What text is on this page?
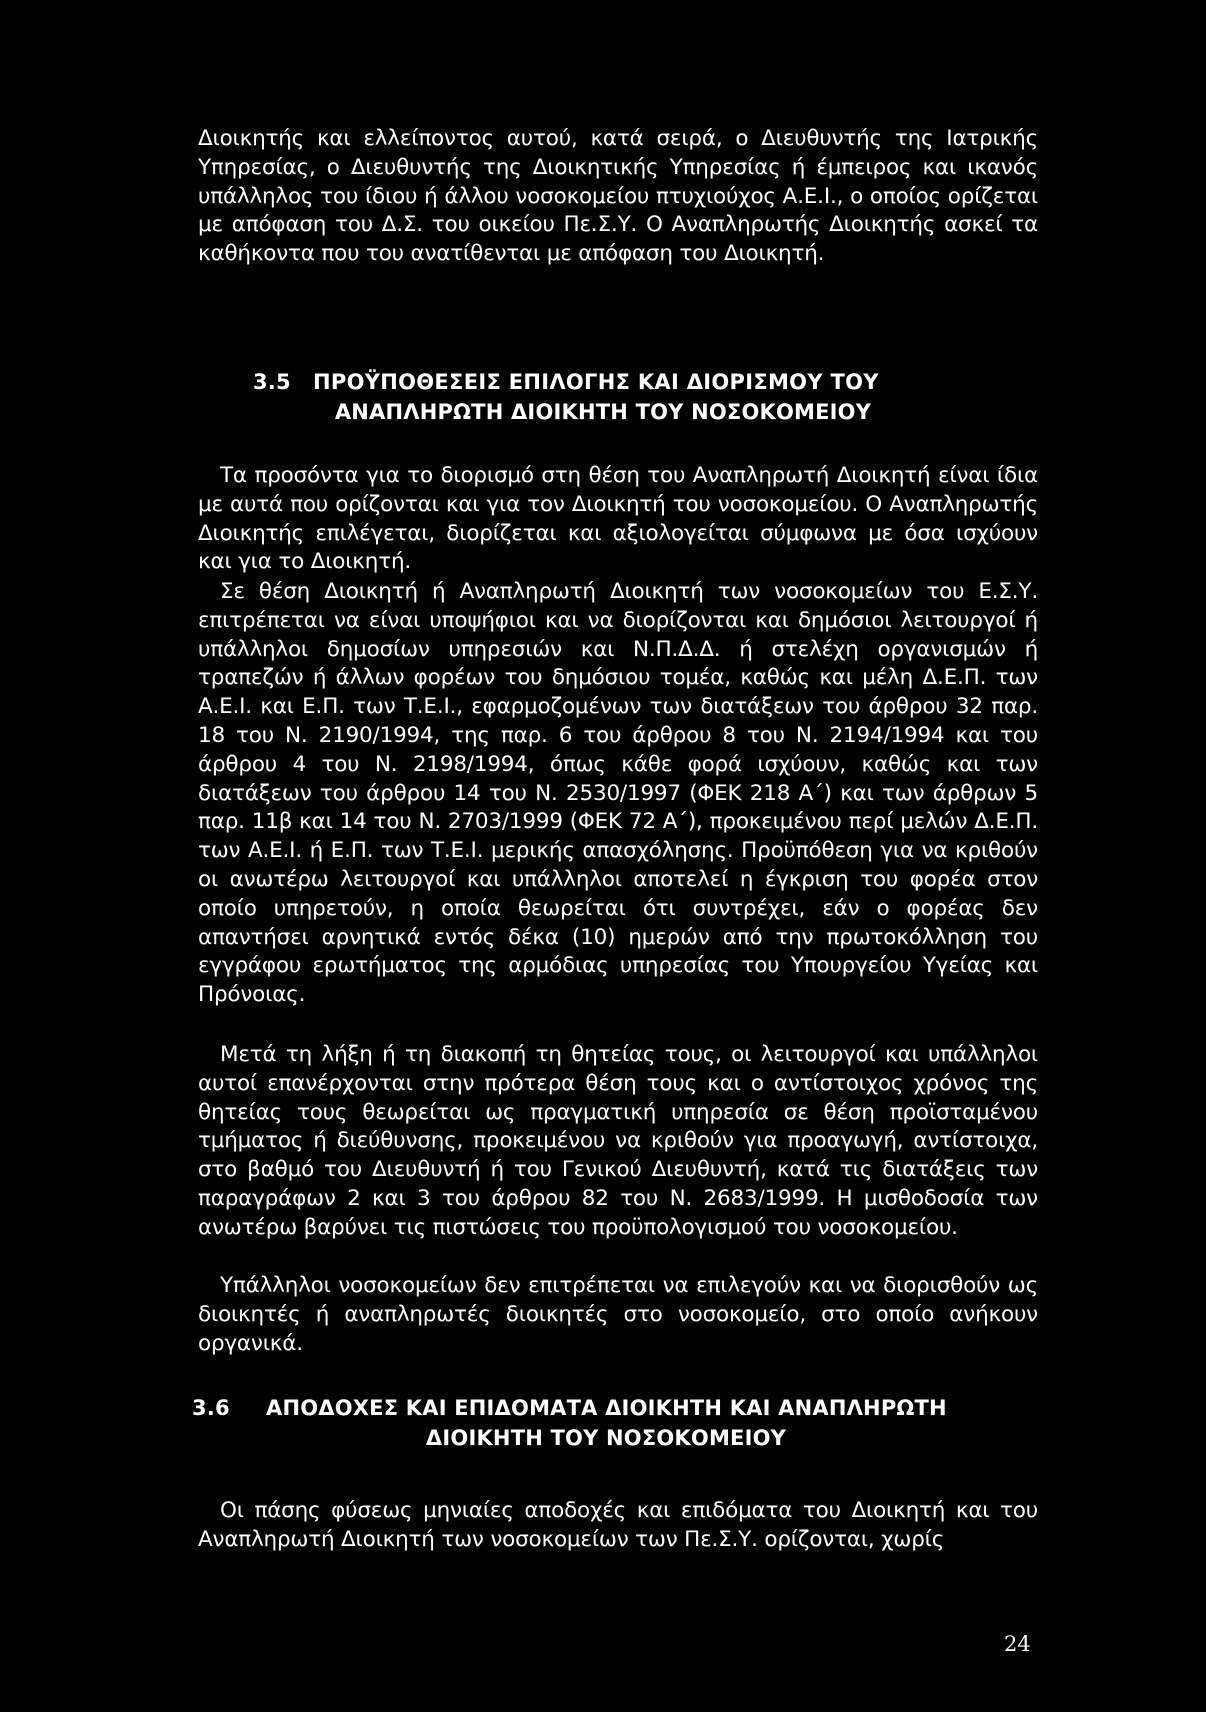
Διοικητής και ελλείποντος αυτού, κατά σειρά, ο Διευθυντής της Ιατρικής Υπηρεσίας, ο Διευθυντής της Διοικητικής Υπηρεσίας ή έμπειρος και ικανός υπάλληλος του ίδιου ή άλλου νοσοκομείου πτυχιούχος Α.Ε.Ι., ο οποίος ορίζεται με απόφαση του Δ.Σ. του οικείου Πε.Σ.Υ. Ο Αναπληρωτής Διοικητής ασκεί τα καθήκοντα που του ανατίθενται με απόφαση του Διοικητή.

3.5 ΠΡΟΫΠΟΘΕΣΕΙΣ ΕΠΙΛΟΓΗΣ ΚΑΙ ΔΙΟΡΙΣΜΟΥ ΤΟΥ
ΑΝΑΠΛΗΡΩΤΗ ΔΙΟΙΚΗΤΗ ΤΟΥ ΝΟΣΟΚΟΜΕΙΟΥ

Τα προσόντα για το διορισμό στη θέση του Αναπληρωτή Διοικητή είναι ίδια με αυτά που ορίζονται και για τον Διοικητή του νοσοκομείου. Ο Αναπληρωτής Διοικητής επιλέγεται, διορίζεται και αξιολογείται σύμφωνα με όσα ισχύουν και για το Διοικητή.

Σε θέση Διοικητή ή Αναπληρωτή Διοικητή των νοσοκομείων του Ε.Σ.Υ. επιτρέπεται να είναι υποψήφιοι και να διορίζονται και δημόσιοι λειτουργοί ή υπάλληλοι δημοσίων υπηρεσιών και Ν.Π.Δ.Δ. ή στελέχη οργανισμών ή τραπεζών ή άλλων φορέων του δημόσιου τομέα, καθώς και μέλη Δ.Ε.Π. των Α.Ε.Ι. και Ε.Π. των Τ.Ε.Ι., εφαρμοζομένων των διατάξεων του άρθρου 32 παρ. 18 του Ν. 2190/1994, της παρ. 6 του άρθρου 8 του Ν. 2194/1994 και του άρθρου 4 του Ν. 2198/1994, όπως κάθε φορά ισχύουν, καθώς και των διατάξεων του άρθρου 14 του Ν. 2530/1997 (ΦΕΚ 218 Α΄) και των άρθρων 5 παρ. 11β και 14 του Ν. 2703/1999 (ΦΕΚ 72 Α΄), προκειμένου περί μελών Δ.Ε.Π. των Α.Ε.Ι. ή Ε.Π. των Τ.Ε.Ι. μερικής απασχόλησης. Προϋπόθεση για να κριθούν οι ανωτέρω λειτουργοί και υπάλληλοι αποτελεί η έγκριση του φορέα στον οποίο υπηρετούν, η οποία θεωρείται ότι συντρέχει, εάν ο φορέας δεν απαντήσει αρνητικά εντός δέκα (10) ημερών από την πρωτοκόλληση του εγγράφου ερωτήματος της αρμόδιας υπηρεσίας του Υπουργείου Υγείας και Πρόνοιας.

Μετά τη λήξη ή τη διακοπή τη θητείας τους, οι λειτουργοί και υπάλληλοι αυτοί επανέρχονται στην πρότερα θέση τους και ο αντίστοιχος χρόνος της θητείας τους θεωρείται ως πραγματική υπηρεσία σε θέση προϊσταμένου τμήματος ή διεύθυνσης, προκειμένου να κριθούν για προαγωγή, αντίστοιχα, στο βαθμό του Διευθυντή ή του Γενικού Διευθυντή, κατά τις διατάξεις των παραγράφων 2 και 3 του άρθρου 82 του Ν. 2683/1999. Η μισθοδοσία των ανωτέρω βαρύνει τις πιστώσεις του προϋπολογισμού του νοσοκομείου.

Υπάλληλοι νοσοκομείων δεν επιτρέπεται να επιλεγούν και να διορισθούν ως διοικητές ή αναπληρωτές διοικητές στο νοσοκομείο, στο οποίο ανήκουν οργανικά.

3.6 ΑΠΟΔΟΧΕΣ ΚΑΙ ΕΠΙΔΟΜΑΤΑ ΔΙΟΙΚΗΤΗ ΚΑΙ ΑΝΑΠΛΗΡΩΤΗ
ΔΙΟΙΚΗΤΗ ΤΟΥ ΝΟΣΟΚΟΜΕΙΟΥ

Οι πάσης φύσεως μηνιαίες αποδοχές και επιδόματα του Διοικητή και του Αναπληρωτή Διοικητή των νοσοκομείων των Πε.Σ.Υ. ορίζονται, χωρίς

24
